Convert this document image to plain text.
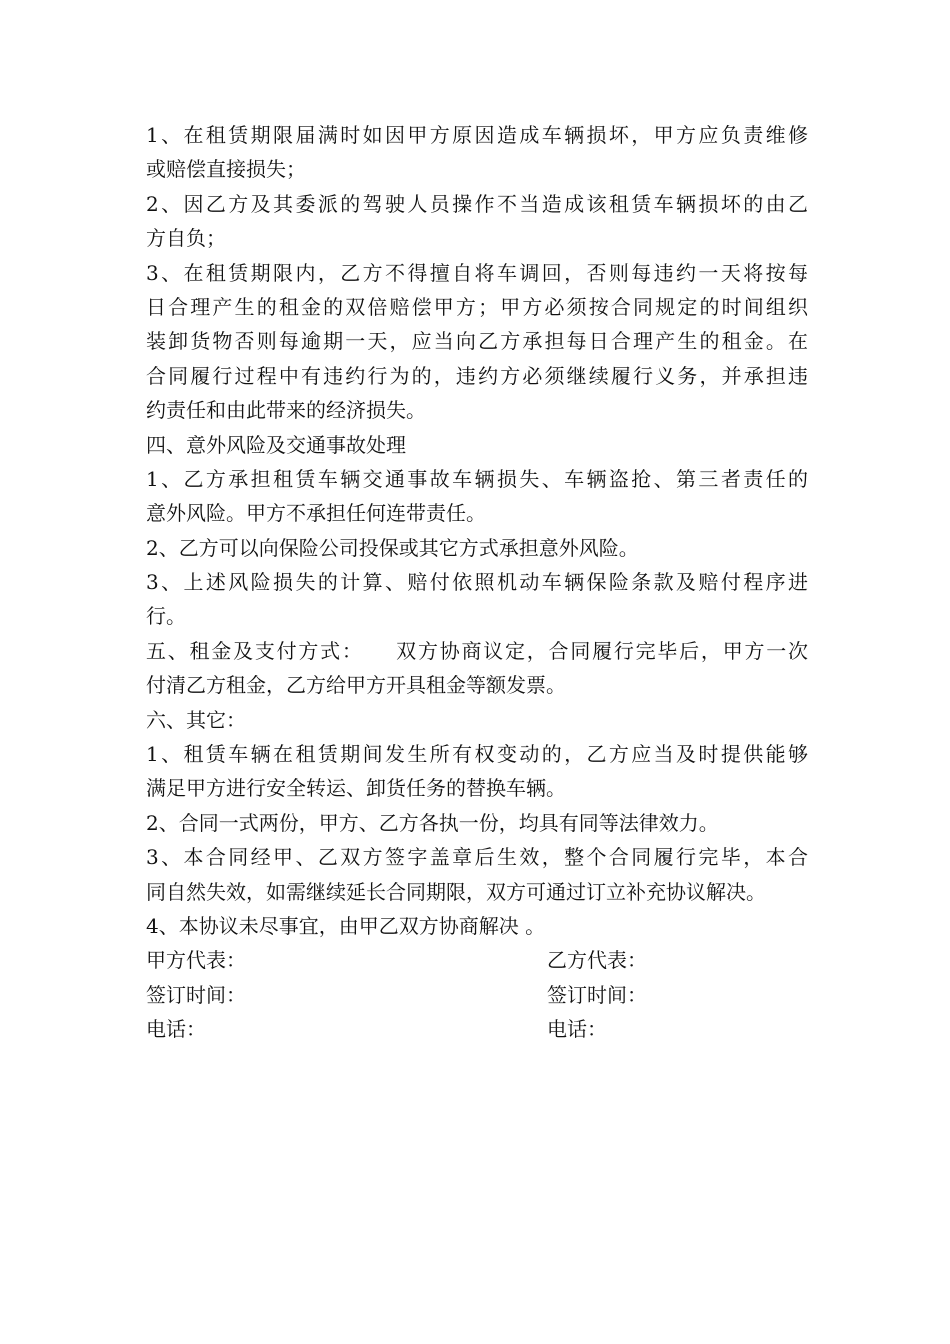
1、在租赁期限届满时如因甲方原因造成车辆损坏，甲方应负责维修
或赔偿直接损失；
2、因乙方及其委派的驾驶人员操作不当造成该租赁车辆损坏的由乙
方自负；
3、在租赁期限内，乙方不得擅自将车调回，否则每违约一天将按每
日合理产生的租金的双倍赔偿甲方；甲方必须按合同规定的时间组织
装卸货物否则每逾期一天，应当向乙方承担每日合理产生的租金。在
合同履行过程中有违约行为的，违约方必须继续履行义务，并承担违
约责任和由此带来的经济损失。
四、意外风险及交通事故处理
1、乙方承担租赁车辆交通事故车辆损失、车辆盗抢、第三者责任的
意外风险。甲方不承担任何连带责任。
2、乙方可以向保险公司投保或其它方式承担意外风险。
3、上述风险损失的计算、赔付依照机动车辆保险条款及赔付程序进
行。
五、租金及支付方式：    双方协商议定，合同履行完毕后，甲方一次
付清乙方租金，乙方给甲方开具租金等额发票。
六、其它：
1、租赁车辆在租赁期间发生所有权变动的，乙方应当及时提供能够
满足甲方进行安全转运、卸货任务的替换车辆。
2、合同一式两份，甲方、乙方各执一份，均具有同等法律效力。
3、本合同经甲、乙双方签字盖章后生效，整个合同履行完毕，本合
同自然失效，如需继续延长合同期限，双方可通过订立补充协议解决。
4、本协议未尽事宜，由甲乙双方协商解决 。
甲方代表：	乙方代表：
签订时间：	签订时间：
电话：	电话：
